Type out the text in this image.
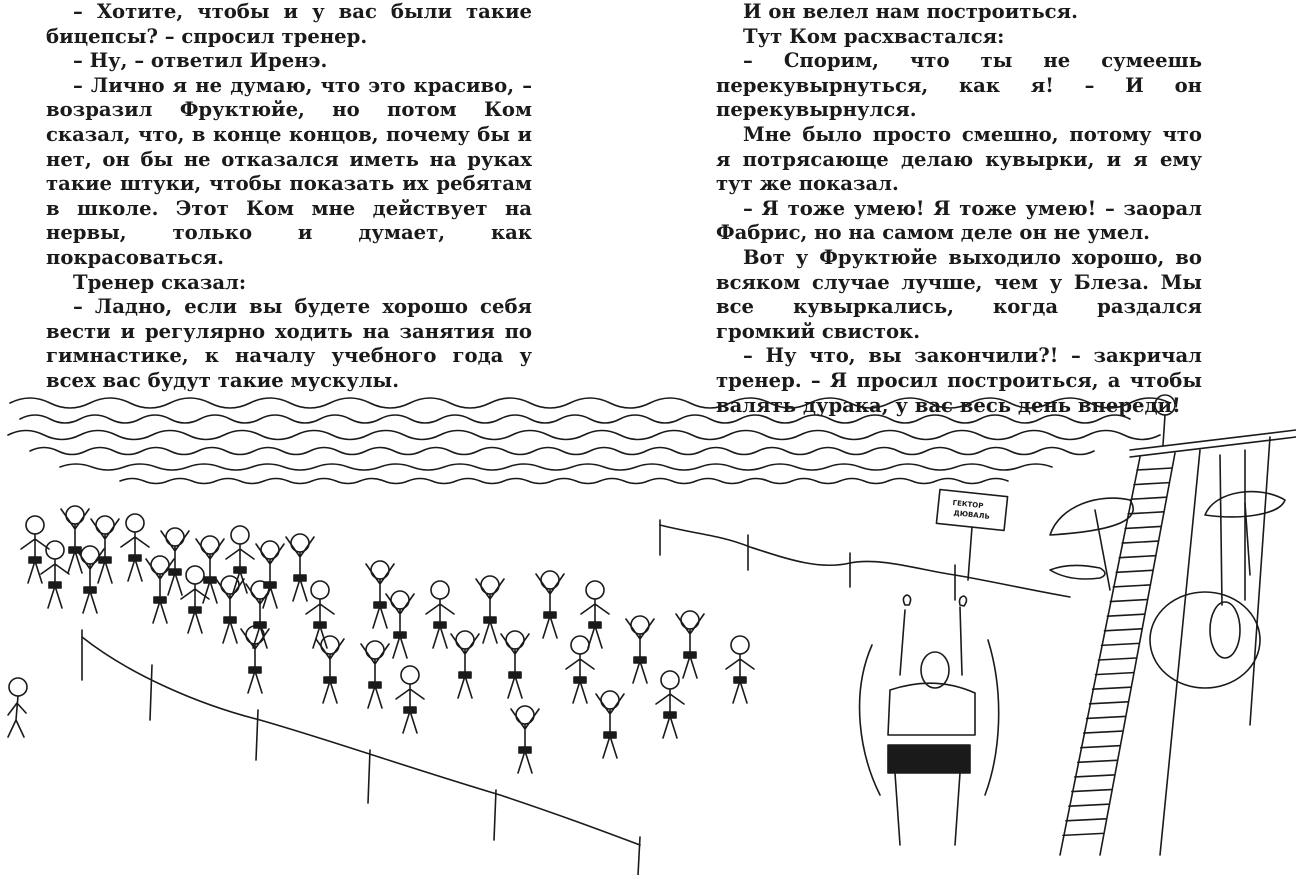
– Хотите, чтобы и у вас были такие бицепсы? – спросил тренер.

– Ну, – ответил Иренэ.

– Лично я не думаю, что это красиво, – возразил Фруктюйе, но потом Ком сказал, что, в конце концов, почему бы и нет, он бы не отказался иметь на руках такие штуки, чтобы показать их ребятам в школе. Этот Ком мне действует на нервы, только и думает, как покрасоваться.

Тренер сказал:

– Ладно, если вы будете хорошо себя вести и регулярно ходить на занятия по гимнастике, к началу учебного года у всех вас будут такие мускулы.

И он велел нам построиться.

Тут Ком расхвастался:

– Спорим, что ты не сумеешь перекувырнуться, как я! – И он перекувырнулся.

Мне было просто смешно, потому что я потрясающе делаю кувырки, и я ему тут же показал.

– Я тоже умею! Я тоже умею! – заорал Фабрис, но на самом деле он не умел.

Вот у Фруктюйе выходило хорошо, во всяком случае лучше, чем у Блеза. Мы все кувыркались, когда раздался громкий свисток.

– Ну что, вы закончили?! – закричал тренер. – Я просил построиться, а чтобы валять дурака, у вас весь день впереди!

ГЕКТОР
ДЮВАЛЬ
